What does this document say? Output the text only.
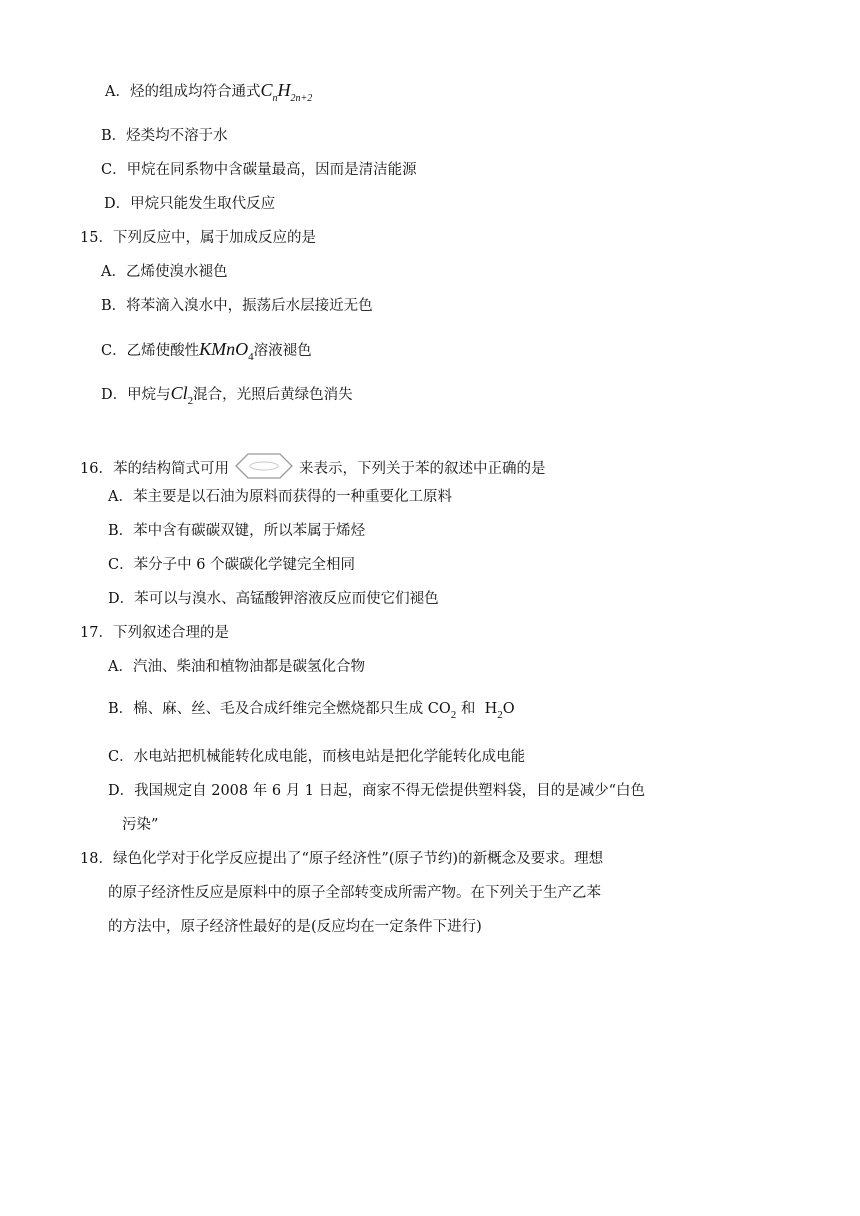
A．烃的组成均符合通式$C_nH_{2n+2}$
B．烃类均不溶于水
C．甲烷在同系物中含碳量最高，因而是清洁能源
D．甲烷只能发生取代反应
15．下列反应中，属于加成反应的是
A．乙烯使溴水褪色
B．将苯滴入溴水中，振荡后水层接近无色
C．乙烯使酸性KMnO$_4$溶液褪色
D．甲烷与$Cl_2$混合，光照后黄绿色消失
16．苯的结构简式可用	来表示，下列关于苯的叙述中正确的是
A．苯主要是以石油为原料而获得的一种重要化工原料
B．苯中含有碳碳双键，所以苯属于烯烃
C．苯分子中 6 个碳碳化学键完全相同
D．苯可以与溴水、高锰酸钾溶液反应而使它们褪色
17．下列叙述合理的是
A．汽油、柴油和植物油都是碳氢化合物
B．棉、麻、丝、毛及合成纤维完全燃烧都只生成 $CO_2$ 和  $H_2O$
C．水电站把机械能转化成电能，而核电站是把化学能转化成电能
D．我国规定自 2008 年 6 月 1 日起，商家不得无偿提供塑料袋，目的是减少“白色
污染”
18．绿色化学对于化学反应提出了“原子经济性”(原子节约)的新概念及要求。理想
的原子经济性反应是原料中的原子全部转变成所需产物。在下列关于生产乙苯
的方法中，原子经济性最好的是(反应均在一定条件下进行)
